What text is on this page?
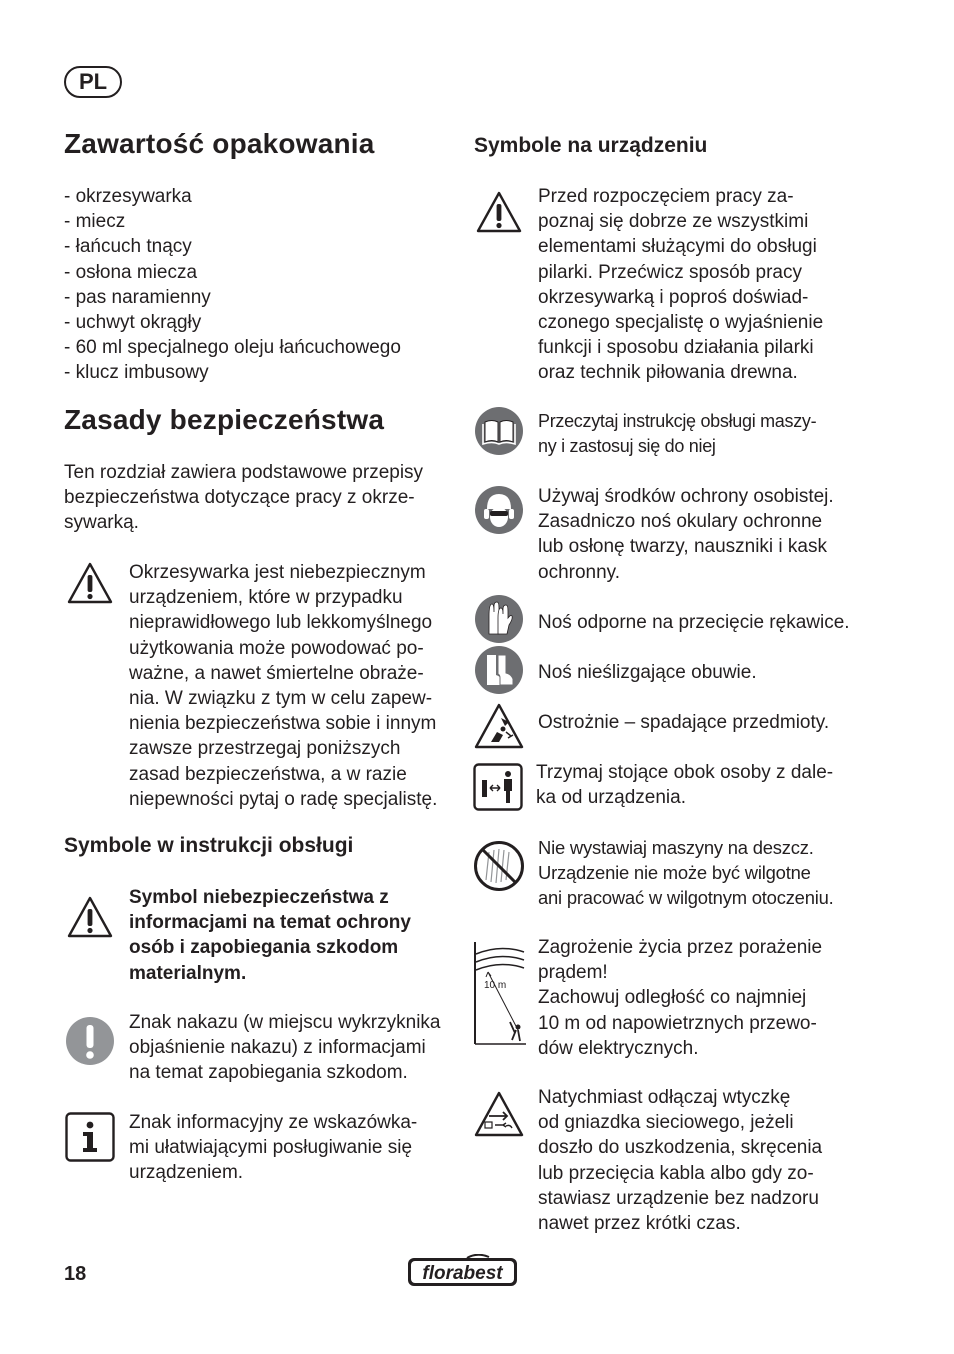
PL
Zawartość opakowania
- okrzesywarka
- miecz
- łańcuch tnący
- osłona miecza
- pas naramienny
- uchwyt okrągły
- 60 ml specjalnego oleju łańcuchowego
- klucz imbusowy
Zasady bezpieczeństwa
Ten rozdział zawiera podstawowe przepisy
bezpieczeństwa dotyczące pracy z okrze-
sywarką.
Okrzesywarka jest niebezpiecznym
urządzeniem, które w przypadku
nieprawidłowego lub lekkomyślnego
użytkowania może powodować po-
ważne, a nawet śmiertelne obraże-
nia. W związku z tym w celu zapew-
nienia bezpieczeństwa sobie i innym
zawsze przestrzegaj poniższych
zasad bezpieczeństwa, a w razie
niepewności pytaj o radę specjalistę.
Symbole w instrukcji obsługi
Symbol niebezpieczeństwa z
informacjami na temat ochrony
osób i zapobiegania szkodom
materialnym.
Znak nakazu (w miejscu wykrzyknika
objaśnienie nakazu) z informacjami
na temat zapobiegania szkodom.
Znak informacyjny ze wskazówka-
mi ułatwiającymi posługiwanie się
urządzeniem.
Symbole na urządzeniu
Przed rozpoczęciem pracy za-
poznaj się dobrze ze wszystkimi
elementami służącymi do obsługi
pilarki. Przećwicz sposób pracy
okrzesywarką i poproś doświad-
czonego specjalistę o wyjaśnienie
funkcji i sposobu działania pilarki
oraz technik piłowania drewna.
Przeczytaj instrukcję obsługi maszy-
ny i zastosuj się do niej
Używaj środków ochrony osobistej.
Zasadniczo noś okulary ochronne
lub osłonę twarzy, nauszniki i kask
ochronny.
Noś odporne na przecięcie rękawice.
Noś nieślizgające obuwie.
Ostrożnie – spadające przedmioty.
Trzymaj stojące obok osoby z dale-
ka od urządzenia.
Nie wystawiaj maszyny na deszcz.
Urządzenie nie może być wilgotne
ani pracować w wilgotnym otoczeniu.
10 m
Zagrożenie życia przez porażenie
prądem!
Zachowuj odległość co najmniej
10 m od napowietrznych przewo-
dów elektrycznych.
Natychmiast odłączaj wtyczkę
od gniazdka sieciowego, jeżeli
doszło do uszkodzenia, skręcenia
lub przecięcia kabla albo gdy zo-
stawiasz urządzenie bez nadzoru
nawet przez krótki czas.
18	florabest
